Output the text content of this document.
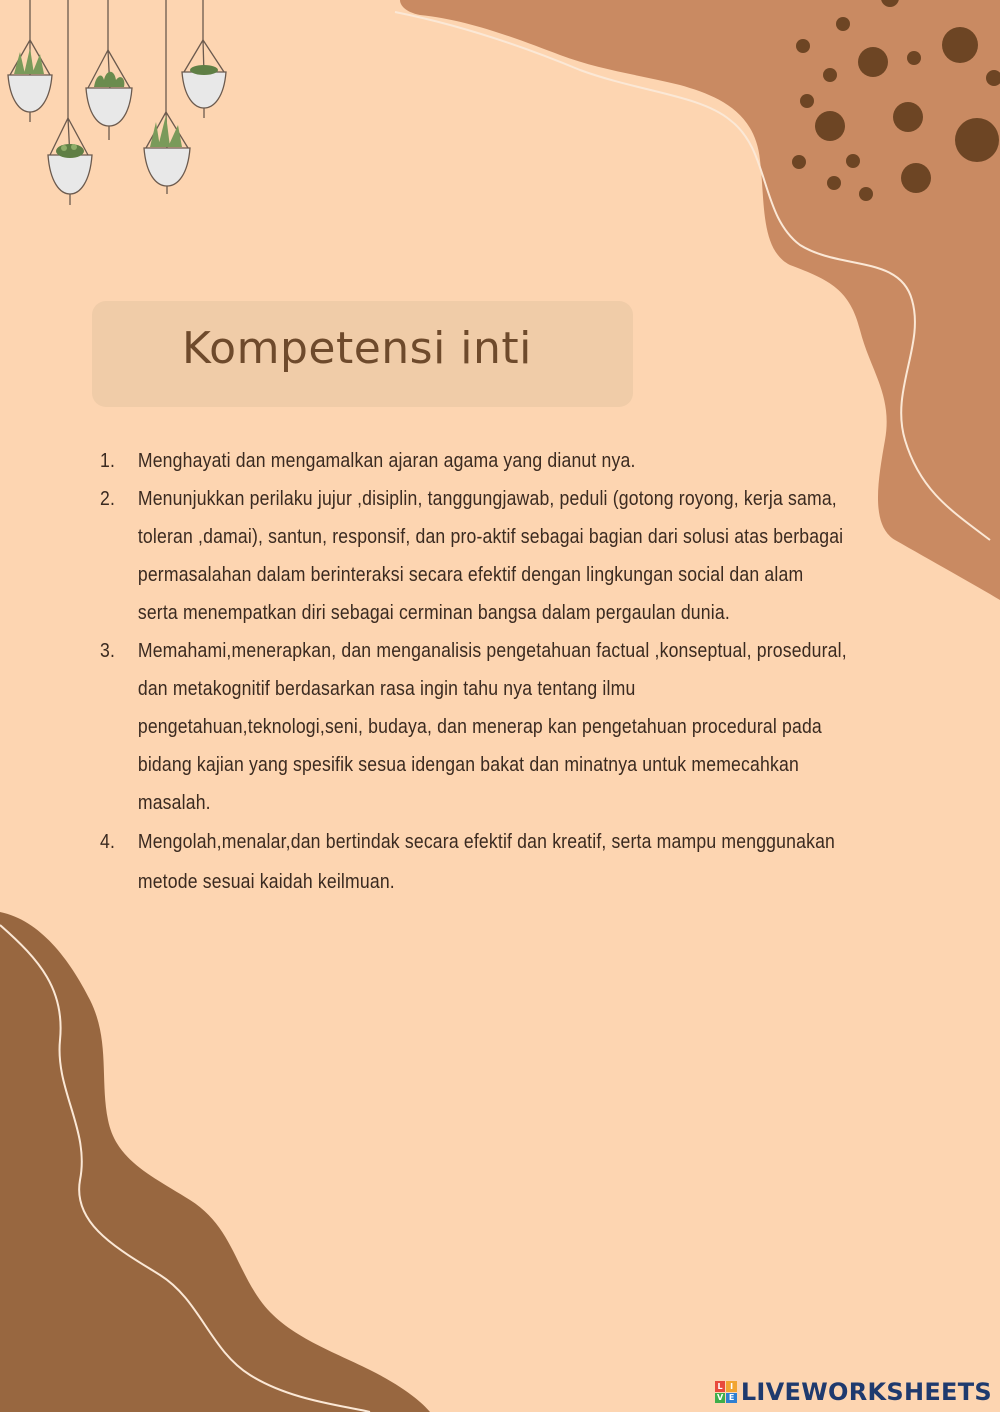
Kompetensi inti
1. Menghayati dan mengamalkan ajaran agama yang dianut nya.
2. Menunjukkan perilaku jujur ,disiplin, tanggungjawab, peduli (gotong royong, kerja sama, toleran ,damai), santun, responsif, dan pro-aktif sebagai bagian dari solusi atas berbagai permasalahan dalam berinteraksi secara efektif dengan lingkungan social dan alam serta menempatkan diri sebagai cerminan bangsa dalam pergaulan dunia.
3. Memahami,menerapkan, dan menganalisis pengetahuan factual ,konseptual, prosedural, dan metakognitif berdasarkan rasa ingin tahu nya tentang ilmu pengetahuan,teknologi,seni, budaya, dan menerap kan pengetahuan procedural pada bidang kajian yang spesifik sesua idengan bakat dan minatnya untuk memecahkan masalah.
4. Mengolah,menalar,dan bertindak secara efektif dan kreatif, serta mampu menggunakan metode sesuai kaidah keilmuan.
L I
V E LIVEWORKSHEETS
